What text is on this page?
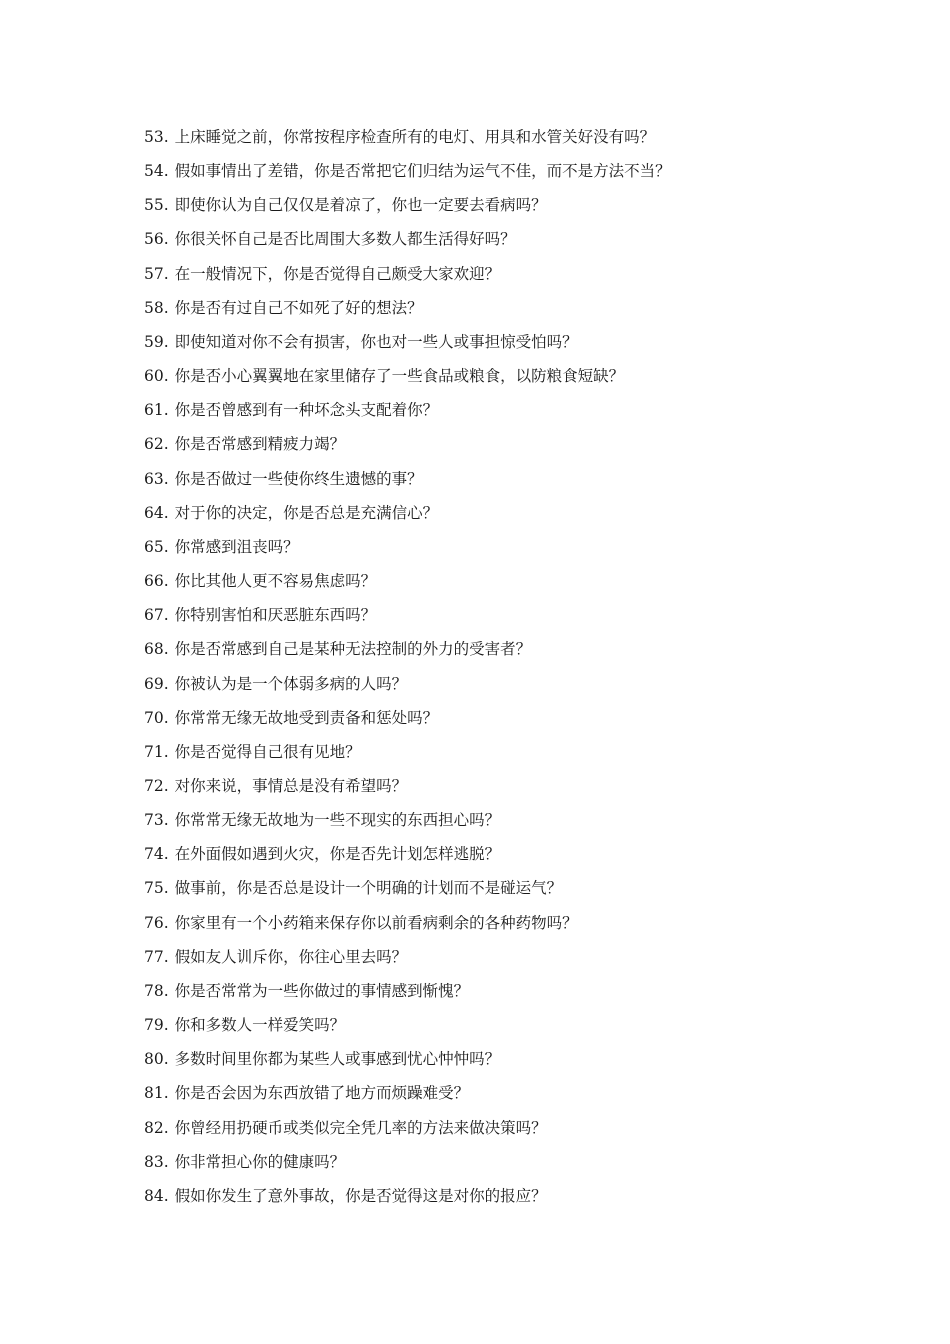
53. 上床睡觉之前，你常按程序检查所有的电灯、用具和水管关好没有吗？
54. 假如事情出了差错，你是否常把它们归结为运气不佳，而不是方法不当？
55. 即使你认为自己仅仅是着凉了，你也一定要去看病吗？
56. 你很关怀自己是否比周围大多数人都生活得好吗？
57. 在一般情况下，你是否觉得自己颇受大家欢迎？
58. 你是否有过自己不如死了好的想法？
59. 即使知道对你不会有损害，你也对一些人或事担惊受怕吗？
60. 你是否小心翼翼地在家里储存了一些食品或粮食，以防粮食短缺？
61. 你是否曾感到有一种坏念头支配着你？
62. 你是否常感到精疲力竭？
63. 你是否做过一些使你终生遗憾的事？
64. 对于你的决定，你是否总是充满信心？
65. 你常感到沮丧吗？
66. 你比其他人更不容易焦虑吗？
67. 你特别害怕和厌恶脏东西吗？
68. 你是否常感到自己是某种无法控制的外力的受害者？
69. 你被认为是一个体弱多病的人吗？
70. 你常常无缘无故地受到责备和惩处吗？
71. 你是否觉得自己很有见地？
72. 对你来说，事情总是没有希望吗？
73. 你常常无缘无故地为一些不现实的东西担心吗？
74. 在外面假如遇到火灾，你是否先计划怎样逃脱？
75. 做事前，你是否总是设计一个明确的计划而不是碰运气？
76. 你家里有一个小药箱来保存你以前看病剩余的各种药物吗？
77. 假如友人训斥你，你往心里去吗？
78. 你是否常常为一些你做过的事情感到惭愧？
79. 你和多数人一样爱笑吗？
80. 多数时间里你都为某些人或事感到忧心忡忡吗？
81. 你是否会因为东西放错了地方而烦躁难受？
82. 你曾经用扔硬币或类似完全凭几率的方法来做决策吗？
83. 你非常担心你的健康吗？
84. 假如你发生了意外事故，你是否觉得这是对你的报应？
